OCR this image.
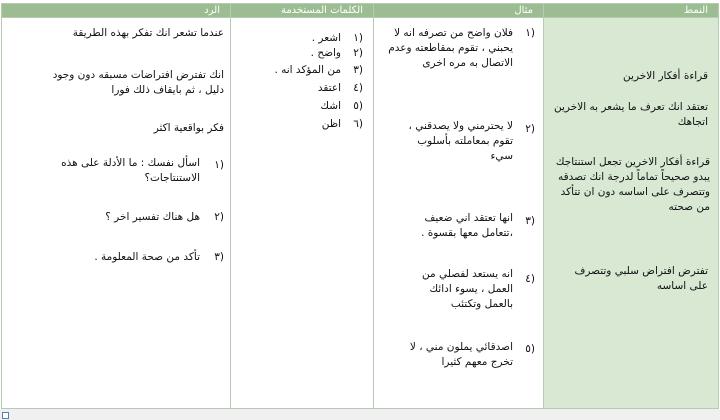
النمط
قراءة أفكار الاخرين
تعتقد انك تعرف ما يشعر به الاخرين اتجاهك
قراءة أفكار الاخرين تجعل استنتاجك يبدو صحيحاً تماماً لدرجة انك تصدقه وتتصرف على اساسه دون ان تتأكد من صحته
تفترض افتراض سلبي وتتصرف على اساسه
مثال
(١
فلان واضح من تصرفه انه لا يحبني ، تقوم بمقاطعته وعدم الاتصال به مره اخرى
(٢
لا يحترمني ولا يصدقني ، تقوم بمعاملته بأسلوب سيء
(٣
انها تعتقد اني ضعيف ،تتعامل معها بقسوة .
(٤
انه يستعد لفصلي من العمل ، يسوء ادائك بالعمل وتكتئب
(٥
اصدقائي يملون مني ، لا تخرج معهم كثيرا
الكلمات المستخدمة
(١
اشعر .
(٢
واضح .
(٣
من المؤكد انه .
(٤
اعتقد
(٥
اشك
(٦
اظن
الرد
عندما تشعر انك تفكر بهذه الطريقة
انك تفترض افتراضات مسبقه دون وجود دليل ، ثم بايقاف ذلك فورا
فكر بواقعية اكثر
(١
اسأل نفسك : ما الأدلة على هذه الاستنتاجات؟
(٢
هل هناك تفسير اخر ؟
(٣
تأكد من صحة المعلومة .
